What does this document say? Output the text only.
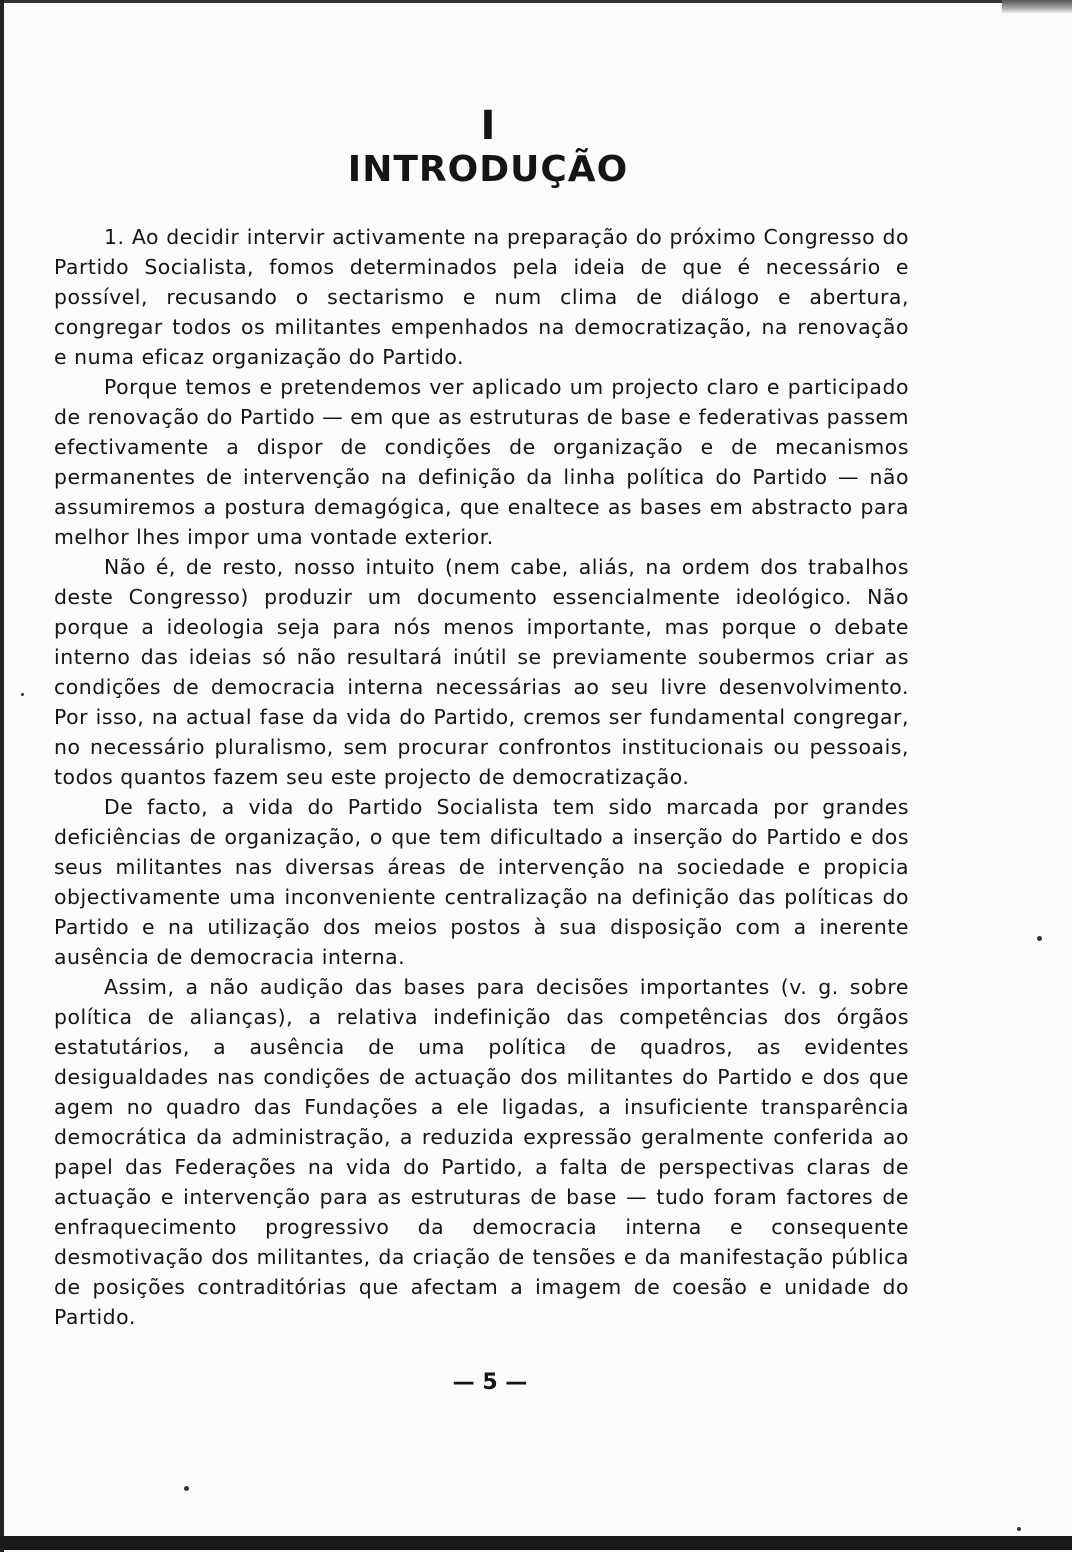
I
INTRODUÇÃO

1. Ao decidir intervir activamente na preparação do próximo Congresso do Partido Socialista, fomos determinados pela ideia de que é necessário e possível, recusando o sectarismo e num clima de diálogo e abertura, congregar todos os militantes empenhados na democratização, na renovação e numa eficaz organização do Partido.

Porque temos e pretendemos ver aplicado um projecto claro e participado de renovação do Partido — em que as estruturas de base e federativas passem efectivamente a dispor de condições de organização e de mecanismos permanentes de intervenção na definição da linha política do Partido — não assumiremos a postura demagógica, que enaltece as bases em abstracto para melhor lhes impor uma vontade exterior.

Não é, de resto, nosso intuito (nem cabe, aliás, na ordem dos trabalhos deste Congresso) produzir um documento essencialmente ideológico. Não porque a ideologia seja para nós menos importante, mas porque o debate interno das ideias só não resultará inútil se previamente soubermos criar as condições de democracia interna necessárias ao seu livre desenvolvimento. Por isso, na actual fase da vida do Partido, cremos ser fundamental congregar, no necessário pluralismo, sem procurar confrontos institucionais ou pessoais, todos quantos fazem seu este projecto de democratização.

De facto, a vida do Partido Socialista tem sido marcada por grandes deficiências de organização, o que tem dificultado a inserção do Partido e dos seus militantes nas diversas áreas de intervenção na sociedade e propicia objectivamente uma inconveniente centralização na definição das políticas do Partido e na utilização dos meios postos à sua disposição com a inerente ausência de democracia interna.

Assim, a não audição das bases para decisões importantes (v. g. sobre política de alianças), a relativa indefinição das competências dos órgãos estatutários, a ausência de uma política de quadros, as evidentes desigualdades nas condições de actuação dos militantes do Partido e dos que agem no quadro das Fundações a ele ligadas, a insuficiente transparência democrática da administração, a reduzida expressão geralmente conferida ao papel das Federações na vida do Partido, a falta de perspectivas claras de actuação e intervenção para as estruturas de base — tudo foram factores de enfraquecimento progressivo da democracia interna e consequente desmotivação dos militantes, da criação de tensões e da manifestação pública de posições contraditórias que afectam a imagem de coesão e unidade do Partido.

— 5 —
